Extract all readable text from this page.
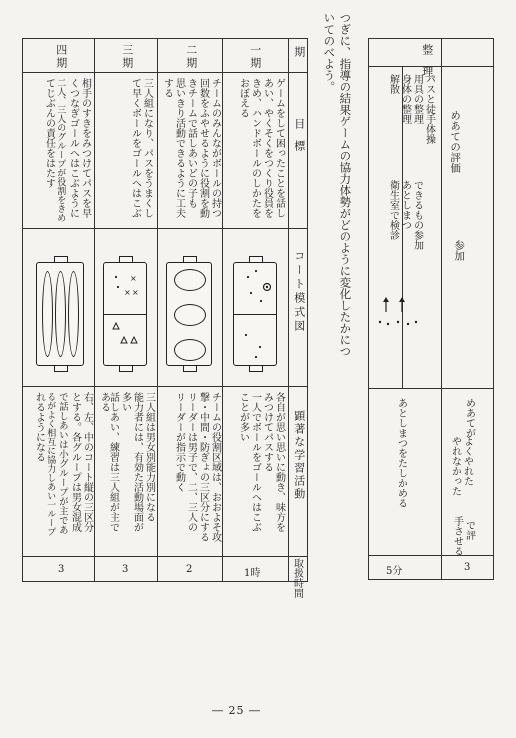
めあての評価
参加
整　理
パスと徒手体操
用具の整理
身体の整理
解散
できるもの参加
あとしまつ
衛生室で検診
あとしまつをたしかめる	めあてが
よくやれた
やれなかった
で評
手させる
5分	3
つぎに、指導の結果ゲームの協力体勢がどのように変化したかにつ
いてのべよう。
期
目　標
コート模式図
顕著な学習活動
取扱時間
一期
ゲームをして困ったことを話し
あい、やくそくをつくり役員を
きめ、ハンドボールのしかたを
おぼえる
各自が思い思いに動き、味方を
みつけてパスする
一人でボールをゴールへはこぶ
ことが多い
1時
二期
チームのみんながボールの持つ
回数をふやせるように役割を動
きチームで話しあいどの子も
思いきり活動できるように工夫
する
チームの役割区域は、おおよそ攻
撃・中間・防ぎょの三区分にする
リーダーは男子で、二、三人の
リーダーが指示で動く
2
三期
三人組になり、パスをうまくし
て早くボールをゴールへはこぶ
×
× ×
三人組は男女別能力別になる
能力者には、有効た活動場面が
多い
話しあい、練習は三人組が主で
ある
3
四期
相手のすきをみつけてパスを早
くつなぎゴールへはこぶように
二人、三人のグループが役割をきめ
てじぶんの責任をはたす
右、左、中のコート縦の三区分
とする。各グループは男女混成
で話しあいは小グループが主であ
るがよく相互に協力しあい一ループ
れるようになる
3
― 25 ―
